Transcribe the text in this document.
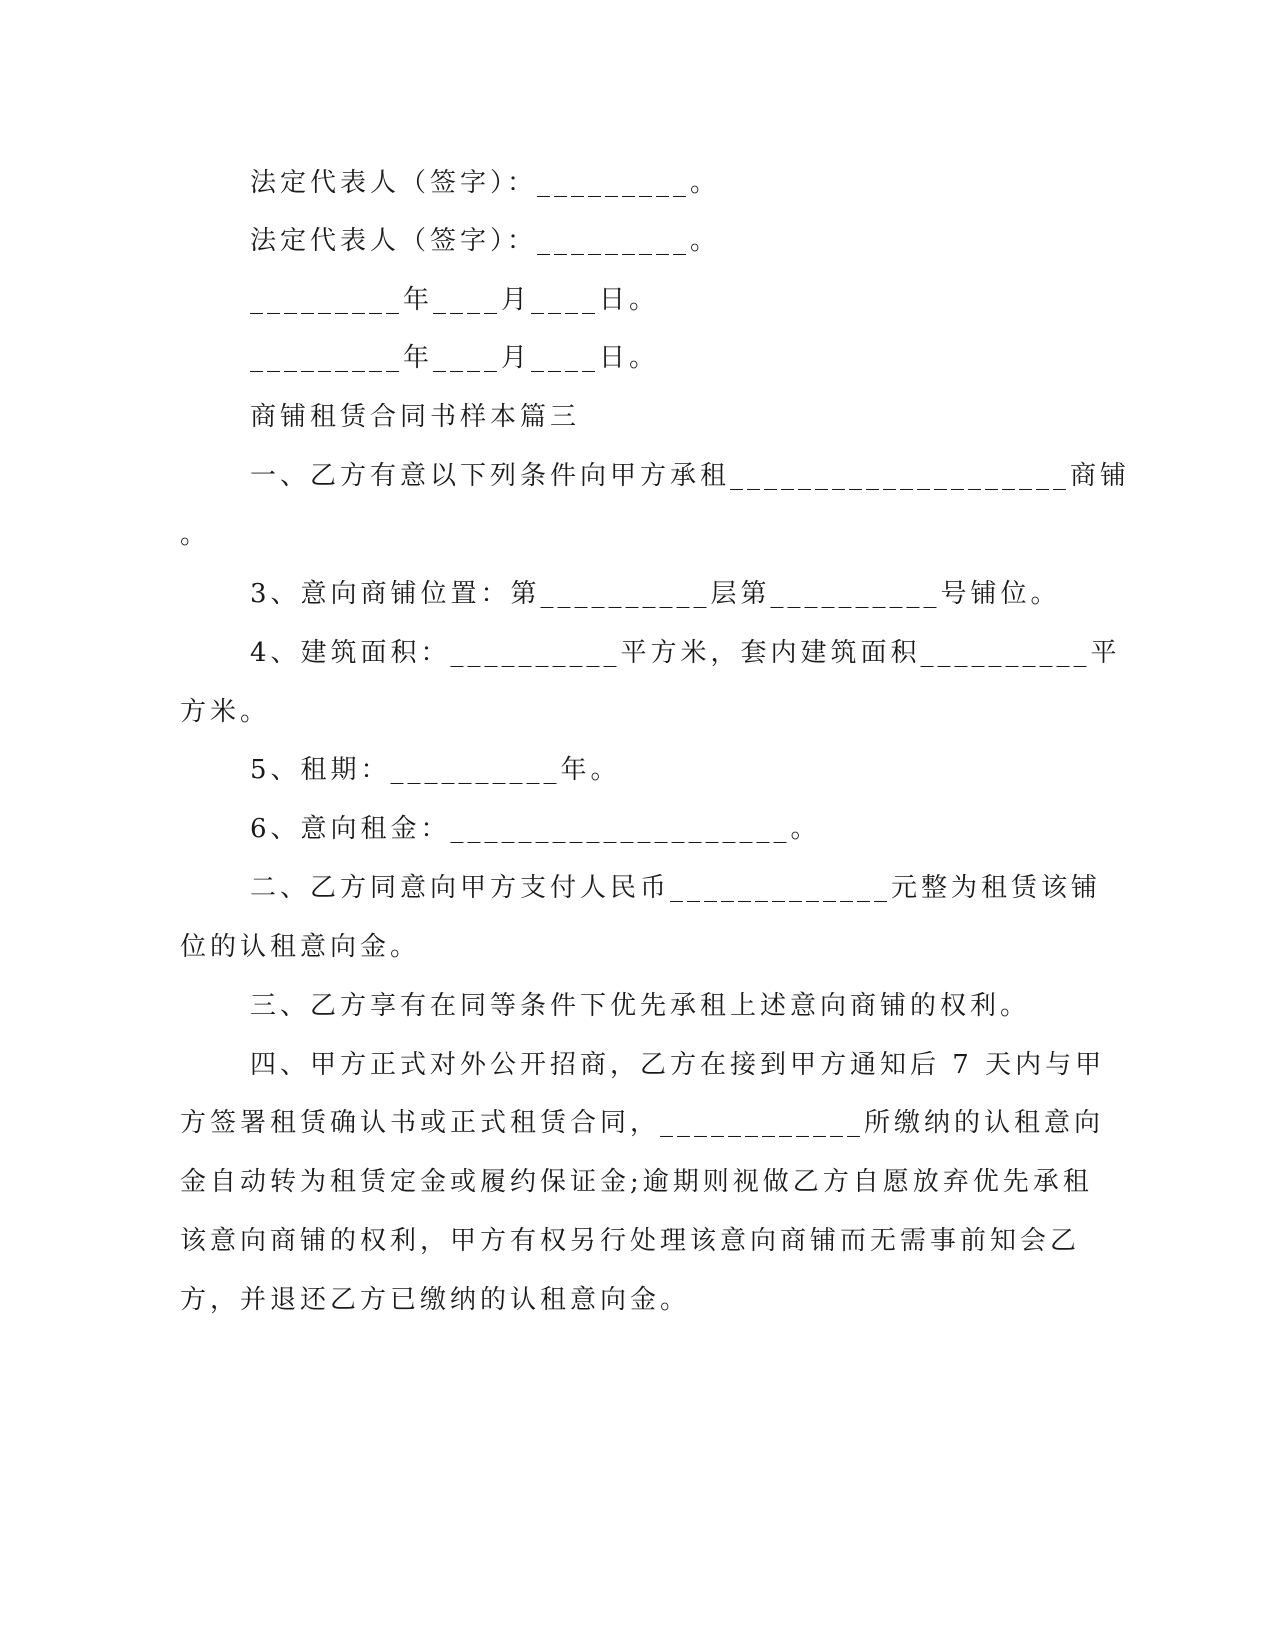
法定代表人（签字）：_________。
法定代表人（签字）：_________。
_________年____月____日。
_________年____月____日。
商铺租赁合同书样本篇三
一、乙方有意以下列条件向甲方承租____________________商铺
。
3、意向商铺位置：第__________层第__________号铺位。
4、建筑面积：__________平方米，套内建筑面积__________平
方米。
5、租期：__________年。
6、意向租金：____________________。
二、乙方同意向甲方支付人民币_____________元整为租赁该铺
位的认租意向金。
三、乙方享有在同等条件下优先承租上述意向商铺的权利。
四、甲方正式对外公开招商，乙方在接到甲方通知后 7 天内与甲
方签署租赁确认书或正式租赁合同，____________所缴纳的认租意向
金自动转为租赁定金或履约保证金;逾期则视做乙方自愿放弃优先承租
该意向商铺的权利，甲方有权另行处理该意向商铺而无需事前知会乙
方，并退还乙方已缴纳的认租意向金。
